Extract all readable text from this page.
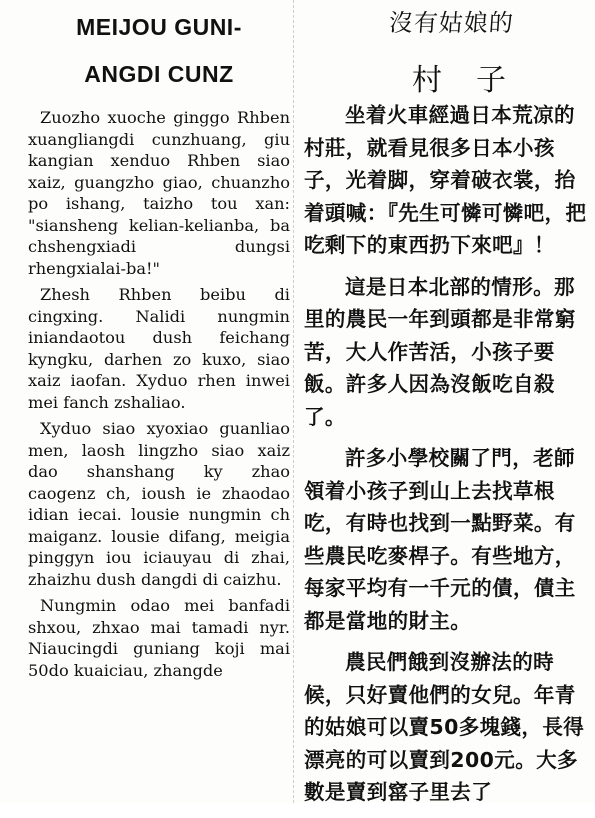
MEIJOU GUNI-
ANGDI CUNZ

Zuozho xuoche ginggo Rhben xuangliangdi cunzhuang, giu kangian xenduo Rhben siao xaiz, guangzho giao, chuanzho po ishang, taizho tou xan: "siansheng kelian-kelianba, ba chshengxiadi dungsi rhengxialai-ba!"

Zhesh Rhben beibu di cingxing. Nalidi nungmin iniandaotou dush feichang kyngku, darhen zo kuxo, siao xaiz iaofan. Xyduo rhen inwei mei fanch zshaliao.

Xyduo siao xyoxiao guanliao men, laosh lingzho siao xaiz dao shanshang ky zhao caogenz ch, ioush ie zhaodao idian iecai. lousie nungmin ch maiganz. lousie difang, meigia pinggyn iou iciauyau di zhai, zhaizhu dush dangdi di caizhu.

Nungmin odao mei banfadi shxou, zhxao mai tamadi nyr. Niaucingdi guniang koji mai 50do kuaiciau, zhangde

沒有姑娘的
村子

坐着火車經過日本荒凉的村莊，就看見很多日本小孩子，光着脚，穿着破衣裳，抬着頭喊：『先生可憐可憐吧，把吃剩下的東西扔下來吧』！

這是日本北部的情形。那里的農民一年到頭都是非常窮苦，大人作苦活，小孩子要飯。許多人因為沒飯吃自殺了。

許多小學校關了門，老師領着小孩子到山上去找草根吃，有時也找到一點野菜。有些農民吃麥桿子。有些地方，每家平均有一千元的債，債主都是當地的財主。

農民們餓到沒辦法的時候，只好賣他們的女兒。年青的姑娘可以賣50多塊錢，長得漂亮的可以賣到200元。大多數是賣到窰子里去了
